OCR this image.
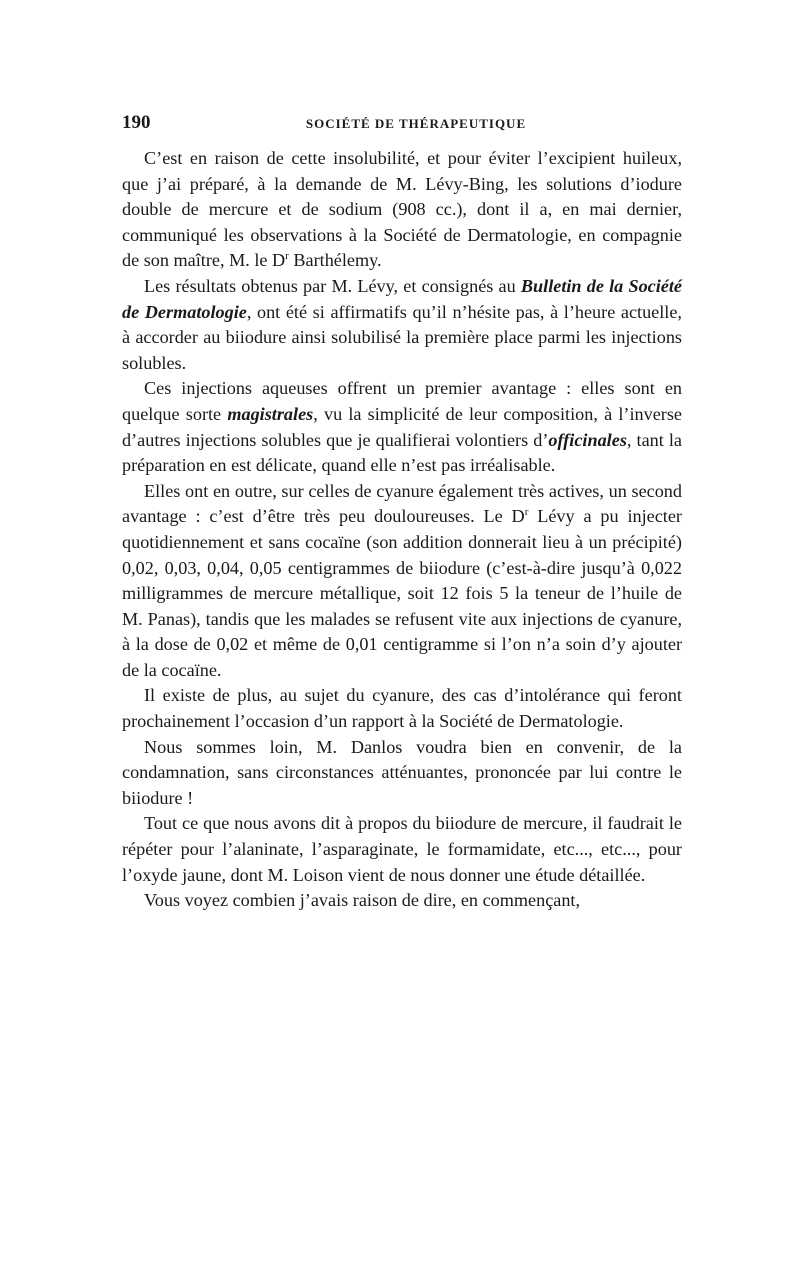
190	SOCIÉTÉ DE THÉRAPEUTIQUE

C’est en raison de cette insolubilité, et pour éviter l’excipient huileux, que j’ai préparé, à la demande de M. Lévy-Bing, les solutions d’iodure double de mercure et de sodium (908 cc.), dont il a, en mai dernier, communiqué les observations à la Société de Dermatologie, en compagnie de son maître, M. le $D^r$ Barthélemy.

Les résultats obtenus par M. Lévy, et consignés au Bulletin de la Société de Dermatologie, ont été si affirmatifs qu’il n’hésite pas, à l’heure actuelle, à accorder au biiodure ainsi solubilisé la première place parmi les injections solubles.

Ces injections aqueuses offrent un premier avantage : elles sont en quelque sorte magistrales, vu la simplicité de leur composition, à l’inverse d’autres injections solubles que je qualifierai volontiers d’officinales, tant la préparation en est délicate, quand elle n’est pas irréalisable.

Elles ont en outre, sur celles de cyanure également très actives, un second avantage : c’est d’être très peu douloureuses. Le $D^r$ Lévy a pu injecter quotidiennement et sans cocaïne (son addition donnerait lieu à un précipité) 0,02, 0,03, 0,04, 0,05 centigrammes de biiodure (c’est-à-dire jusqu’à 0,022 milligrammes de mercure métallique, soit 12 fois 5 la teneur de l’huile de M. Panas), tandis que les malades se refusent vite aux injections de cyanure, à la dose de 0,02 et même de 0,01 centigramme si l’on n’a soin d’y ajouter de la cocaïne.

Il existe de plus, au sujet du cyanure, des cas d’intolérance qui feront prochainement l’occasion d’un rapport à la Société de Dermatologie.

Nous sommes loin, M. Danlos voudra bien en convenir, de la condamnation, sans circonstances atténuantes, prononcée par lui contre le biiodure !

Tout ce que nous avons dit à propos du biiodure de mercure, il faudrait le répéter pour l’alaninate, l’asparaginate, le formamidate, etc..., etc..., pour l’oxyde jaune, dont M. Loison vient de nous donner une étude détaillée.

Vous voyez combien j’avais raison de dire, en commençant,
